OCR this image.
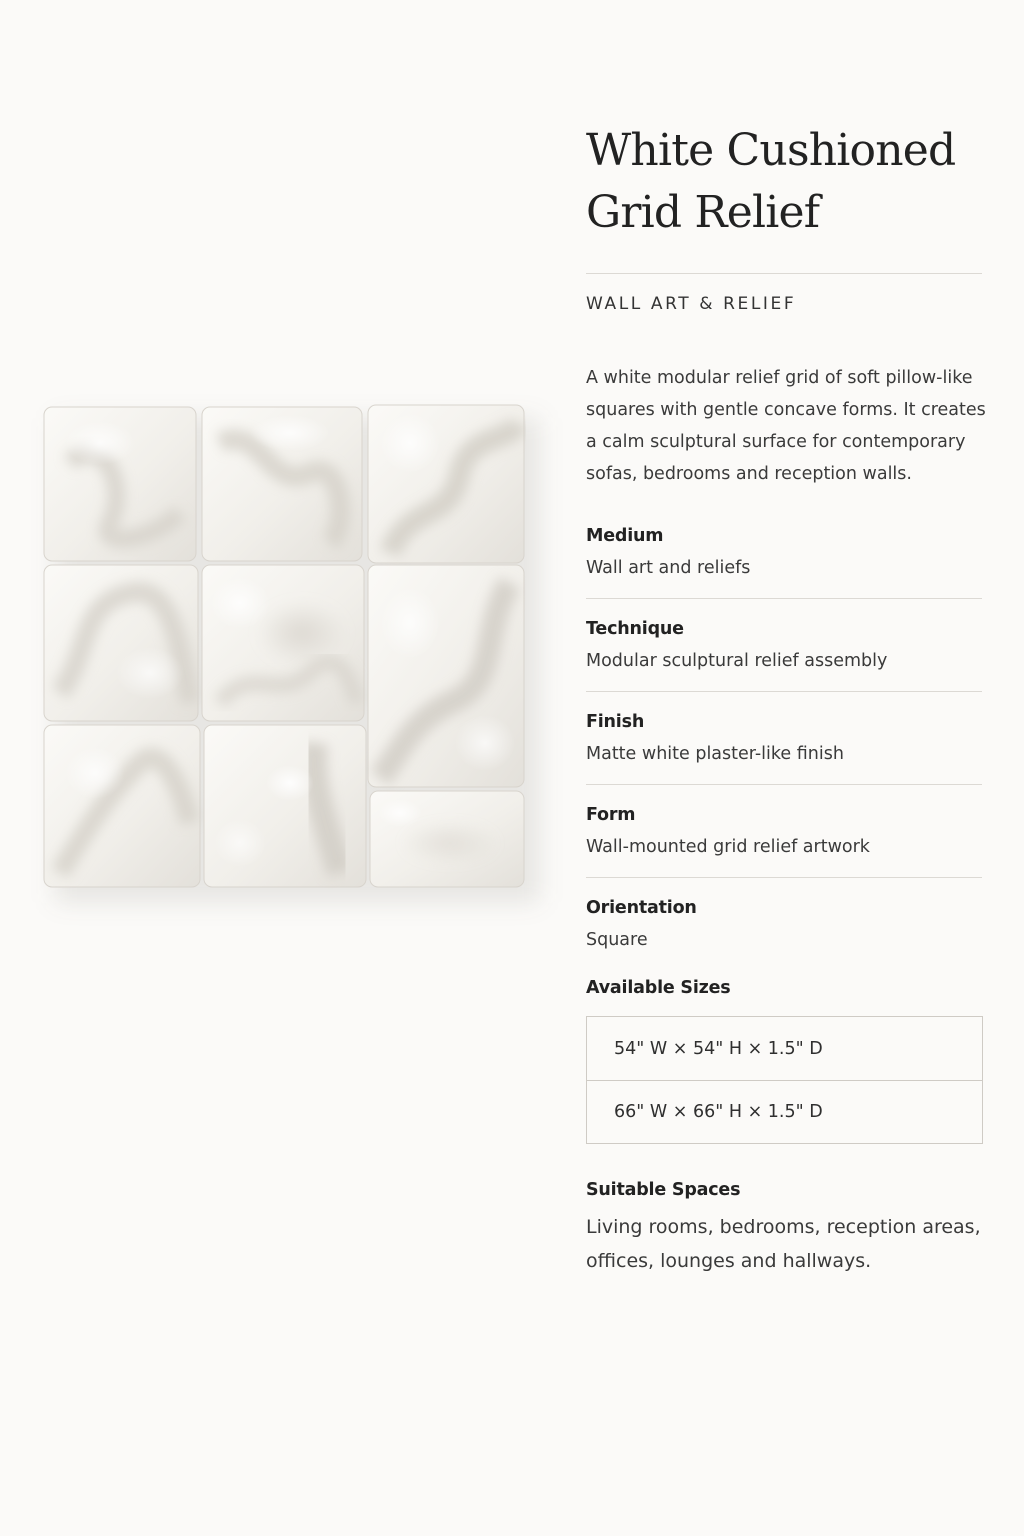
White Cushioned
Grid Relief
WALL ART & RELIEF
A white modular relief grid of soft pillow-like squares with gentle concave forms. It creates a calm sculptural surface for contemporary sofas, bedrooms and reception walls.
Medium
Wall art and reliefs
Technique
Modular sculptural relief assembly
Finish
Matte white plaster-like finish
Form
Wall-mounted grid relief artwork
Orientation
Square
Available Sizes
54" W × 54" H × 1.5" D
66" W × 66" H × 1.5" D
Suitable Spaces
Living rooms, bedrooms, reception areas, offices, lounges and hallways.
